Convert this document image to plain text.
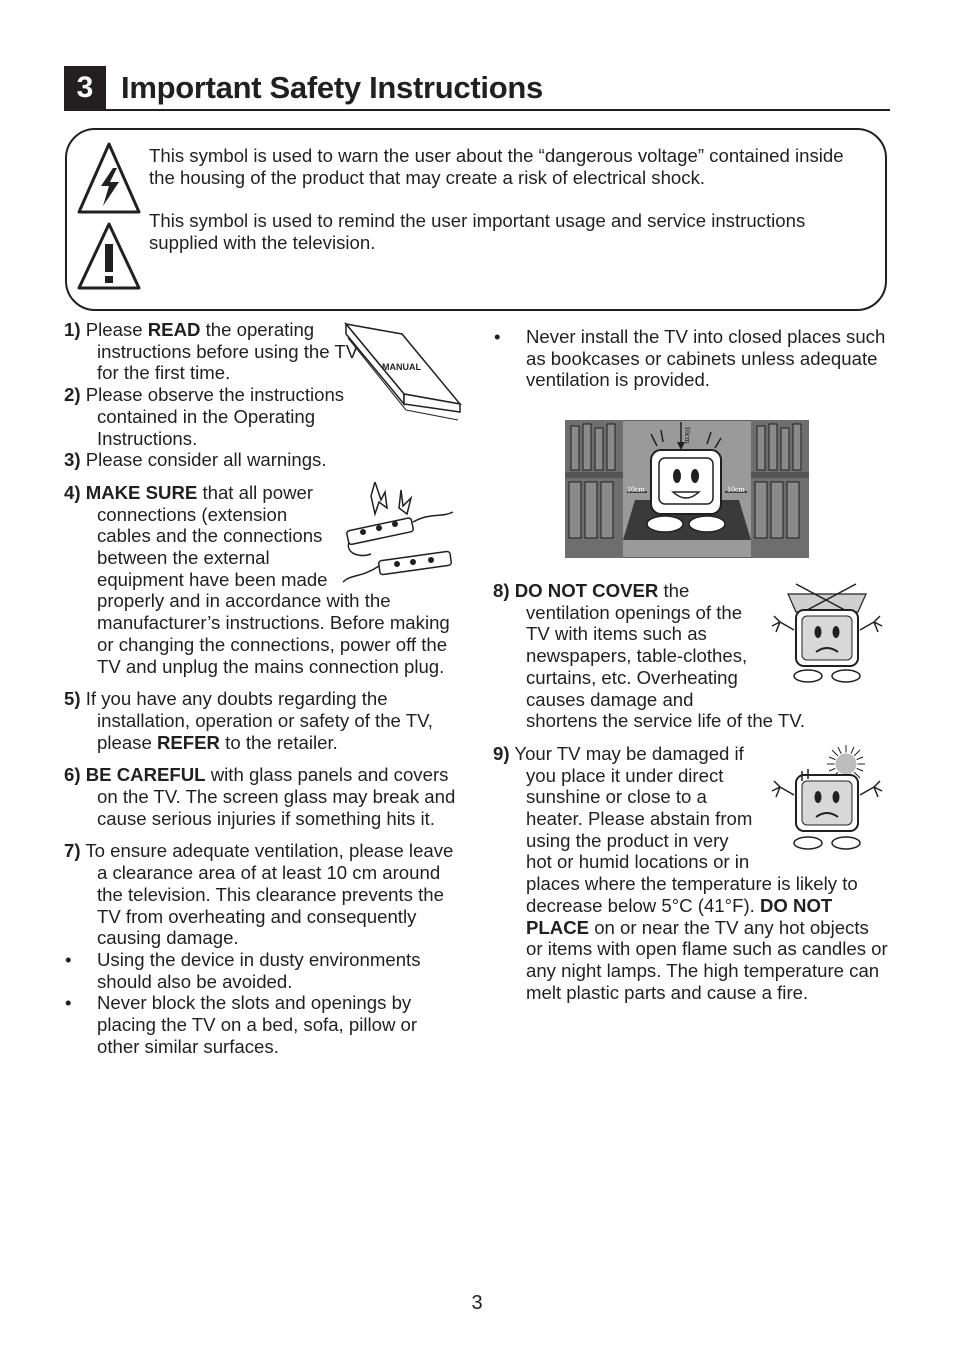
3 Important Safety Instructions
This symbol is used to warn the user about the “dangerous voltage” contained inside the housing of the product that may create a risk of electrical shock.
This symbol is used to remind the user important usage and service instructions supplied with the television.
1) Please READ the operating instructions before using the TV for the first time.
2) Please observe the instructions contained in the Operating Instructions.
3) Please consider all warnings.
4) MAKE SURE that all power connections (extension cables and the connections between the external equipment have been made properly and in accordance with the manufacturer’s instructions. Before making or changing the connections, power off the TV and unplug the mains connection plug.
5) If you have any doubts regarding the installation, operation or safety of the TV, please REFER to the retailer.
6) BE CAREFUL with glass panels and covers on the TV. The screen glass may break and cause serious injuries if something hits it.
7) To ensure adequate ventilation, please leave a clearance area of at least 10 cm around the television. This clearance prevents the TV from overheating and consequently causing damage.
• Using the device in dusty environments should also be avoided.
• Never block the slots and openings by placing the TV on a bed, sofa, pillow or other similar surfaces.
MANUAL
• Never install the TV into closed places such as bookcases or cabinets unless adequate ventilation is provided.
10cm
10cm	10cm
8) DO NOT COVER the ventilation openings of the TV with items such as newspapers, table-clothes, curtains, etc. Overheating causes damage and shortens the service life of the TV.
9) Your TV may be damaged if you place it under direct sunshine or close to a heater. Please abstain from using the product in very hot or humid locations or in places where the temperature is likely to decrease below 5°C (41°F). DO NOT PLACE on or near the TV any hot objects or items with open flame such as candles or any night lamps. The high temperature can melt plastic parts and cause a fire.
3
